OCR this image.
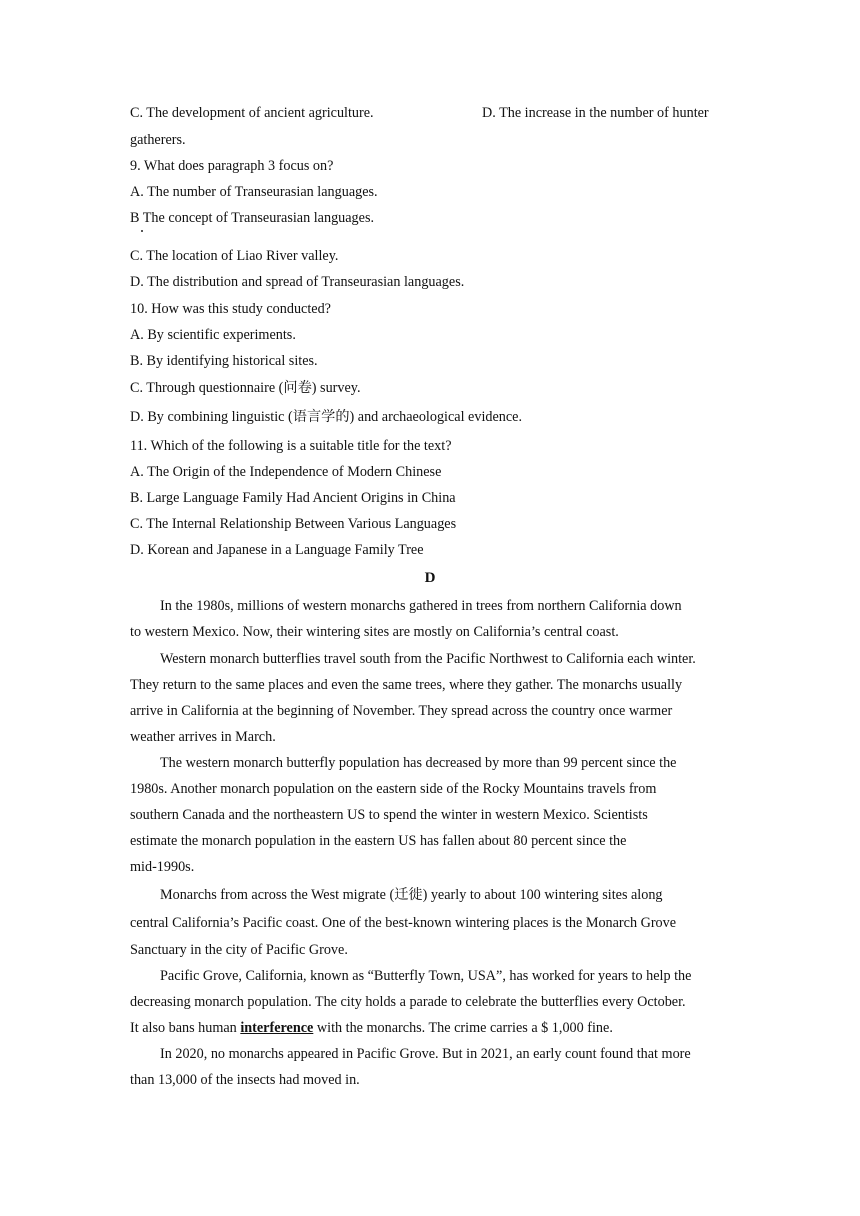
C. The development of ancient agriculture.	D. The increase in the number of hunter
gatherers.
9. What does paragraph 3 focus on?
A. The number of Transeurasian languages.
B The concept of Transeurasian languages.
C. The location of Liao River valley.
D. The distribution and spread of Transeurasian languages.
10. How was this study conducted?
A. By scientific experiments.
B. By identifying historical sites.
C. Through questionnaire (问卷) survey.
D. By combining linguistic (语言学的) and archaeological evidence.
11. Which of the following is a suitable title for the text?
A. The Origin of the Independence of Modern Chinese
B. Large Language Family Had Ancient Origins in China
C. The Internal Relationship Between Various Languages
D. Korean and Japanese in a Language Family Tree
D
In the 1980s, millions of western monarchs gathered in trees from northern California down
to western Mexico. Now, their wintering sites are mostly on California’s central coast.
Western monarch butterflies travel south from the Pacific Northwest to California each winter.
They return to the same places and even the same trees, where they gather. The monarchs usually
arrive in California at the beginning of November. They spread across the country once warmer
weather arrives in March.
The western monarch butterfly population has decreased by more than 99 percent since the
1980s. Another monarch population on the eastern side of the Rocky Mountains travels from
southern Canada and the northeastern US to spend the winter in western Mexico. Scientists
estimate the monarch population in the eastern US has fallen about 80 percent since the
mid-1990s.
Monarchs from across the West migrate (迁徙) yearly to about 100 wintering sites along
central California’s Pacific coast. One of the best-known wintering places is the Monarch Grove
Sanctuary in the city of Pacific Grove.
Pacific Grove, California, known as “Butterfly Town, USA”, has worked for years to help the
decreasing monarch population. The city holds a parade to celebrate the butterflies every October.
It also bans human interference with the monarchs. The crime carries a $ 1,000 fine.
In 2020, no monarchs appeared in Pacific Grove. But in 2021, an early count found that more
than 13,000 of the insects had moved in.
